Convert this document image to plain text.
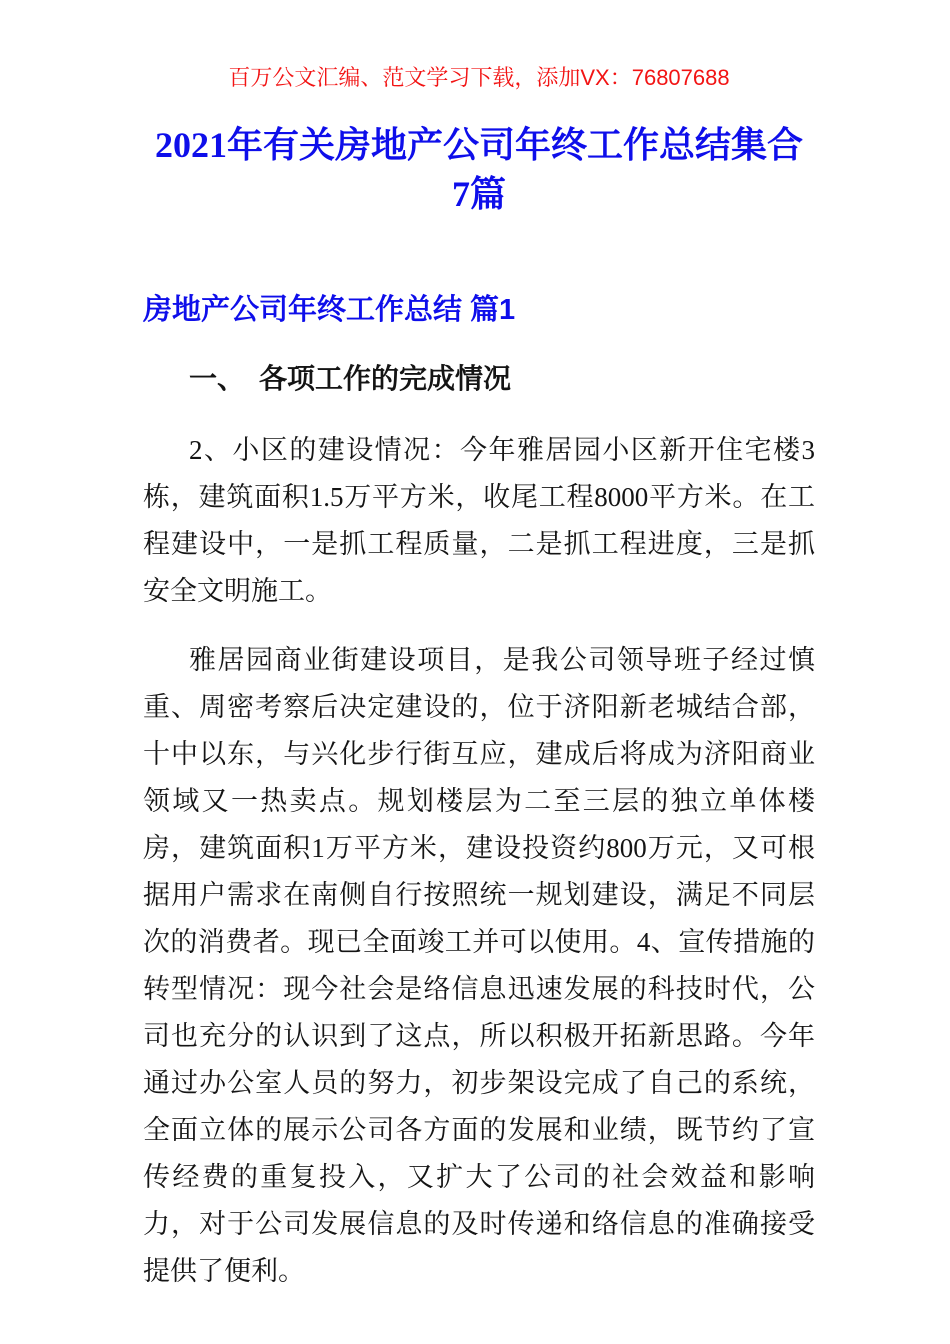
百万公文汇编、范文学习下载，添加VX：76807688
2021年有关房地产公司年终工作总结集合
7篇
房地产公司年终工作总结 篇1
一、　各项工作的完成情况

2、小区的建设情况：今年雅居园小区新开住宅楼3栋，建筑面积1.5万平方米，收尾工程8000平方米。在工程建设中，一是抓工程质量，二是抓工程进度，三是抓安全文明施工。

雅居园商业街建设项目，是我公司领导班子经过慎重、周密考察后决定建设的，位于济阳新老城结合部，十中以东，与兴化步行街互应，建成后将成为济阳商业领域又一热卖点。规划楼层为二至三层的独立单体楼房，建筑面积1万平方米，建设投资约800万元，又可根据用户需求在南侧自行按照统一规划建设，满足不同层次的消费者。现已全面竣工并可以使用。4、宣传措施的转型情况：现今社会是络信息迅速发展的科技时代，公司也充分的认识到了这点，所以积极开拓新思路。今年通过办公室人员的努力，初步架设完成了自己的系统，全面立体的展示公司各方面的发展和业绩，既节约了宣传经费的重复投入，又扩大了公司的社会效益和影响力，对于公司发展信息的及时传递和络信息的准确接受提供了便利。
